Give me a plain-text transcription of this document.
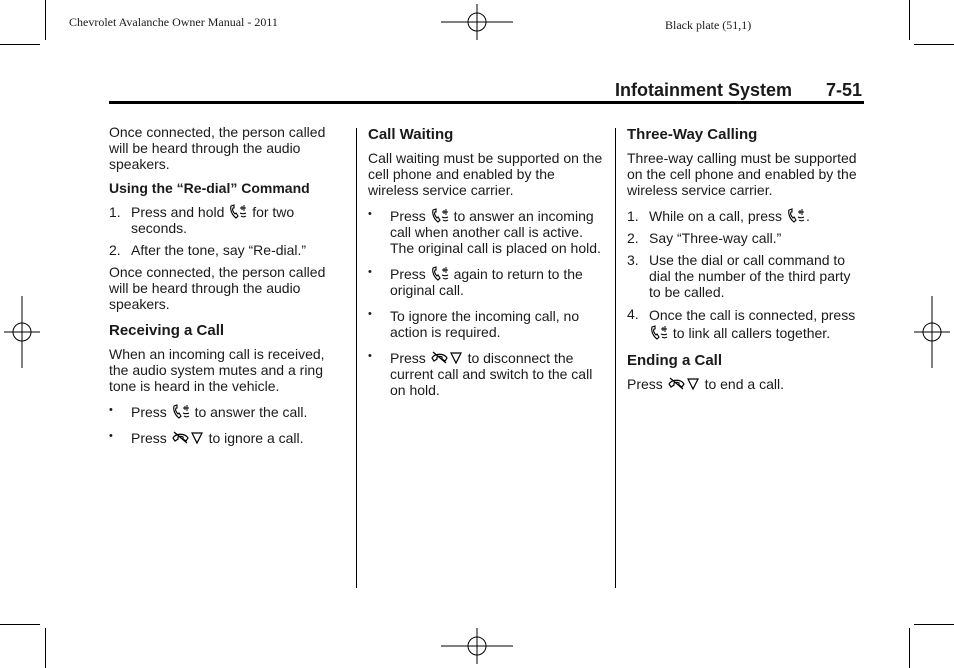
Chevrolet Avalanche Owner Manual - 2011	Black plate (51,1)
Infotainment System 7-51

Once connected, the person called will be heard through the audio speakers.

Using the “Re-dial” Command

1. Press and hold for two seconds.
2. After the tone, say “Re-dial.”

Once connected, the person called will be heard through the audio speakers.

Receiving a Call

When an incoming call is received, the audio system mutes and a ring tone is heard in the vehicle.

•	Press to answer the call.
•	Press	to ignore a call.

Call Waiting

Call waiting must be supported on the cell phone and enabled by the wireless service carrier.

•	Press to answer an incoming call when another call is active. The original call is placed on hold.
•	Press again to return to the original call.
•	To ignore the incoming call, no action is required.
•	Press	to disconnect the current call and switch to the call on hold.

Three-Way Calling

Three-way calling must be supported on the cell phone and enabled by the wireless service carrier.

1. While on a call, press .
2. Say “Three-way call.”
3. Use the dial or call command to dial the number of the third party to be called.
4. Once the call is connected, press  to link all callers together.

Ending a Call

Press	to end a call.
